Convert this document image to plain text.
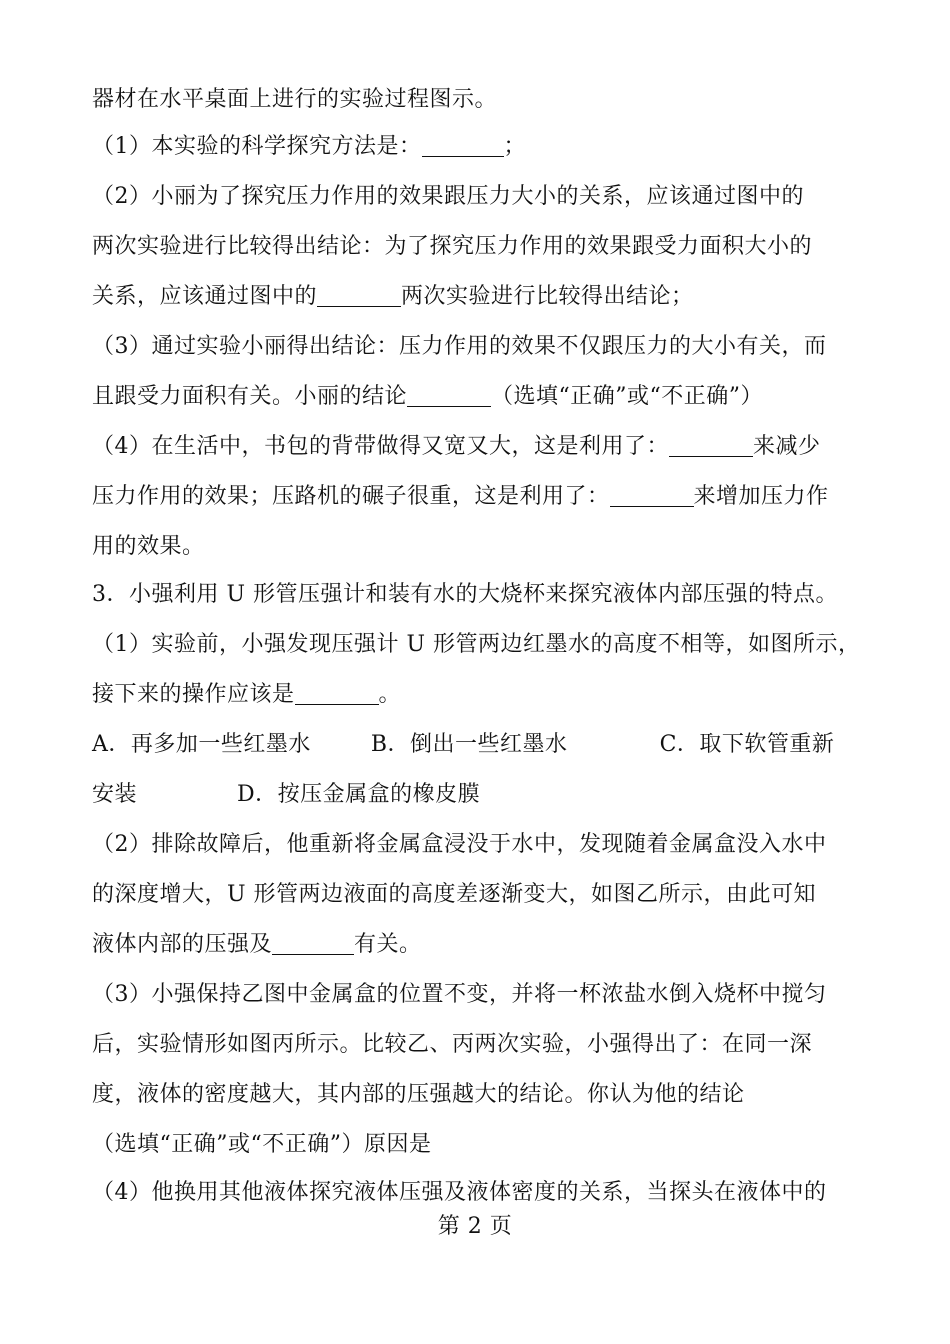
器材在水平桌面上进行的实验过程图示。
（1）本实验的科学探究方法是：	；
（2）小丽为了探究压力作用的效果跟压力大小的关系，应该通过图中的
两次实验进行比较得出结论：为了探究压力作用的效果跟受力面积大小的
关系，应该通过图中的	两次实验进行比较得出结论；
（3）通过实验小丽得出结论：压力作用的效果不仅跟压力的大小有关，而
且跟受力面积有关。小丽的结论	（选填“正确”或“不正确”）
（4）在生活中，书包的背带做得又宽又大，这是利用了：	来减少
压力作用的效果；压路机的碾子很重，这是利用了：	来增加压力作
用的效果。
3．小强利用 U 形管压强计和装有水的大烧杯来探究液体内部压强的特点。
（1）实验前，小强发现压强计 U 形管两边红墨水的高度不相等，如图所示，
接下来的操作应该是	。
A．再多加一些红墨水	B．倒出一些红墨水	C．取下软管重新
安装	D．按压金属盒的橡皮膜
（2）排除故障后，他重新将金属盒浸没于水中，发现随着金属盒没入水中
的深度增大，U 形管两边液面的高度差逐渐变大，如图乙所示，由此可知
液体内部的压强及	有关。
（3）小强保持乙图中金属盒的位置不变，并将一杯浓盐水倒入烧杯中搅匀
后，实验情形如图丙所示。比较乙、丙两次实验，小强得出了：在同一深
度，液体的密度越大，其内部的压强越大的结论。你认为他的结论
（选填“正确”或“不正确”）原因是
（4）他换用其他液体探究液体压强及液体密度的关系，当探头在液体中的
第 2 页
